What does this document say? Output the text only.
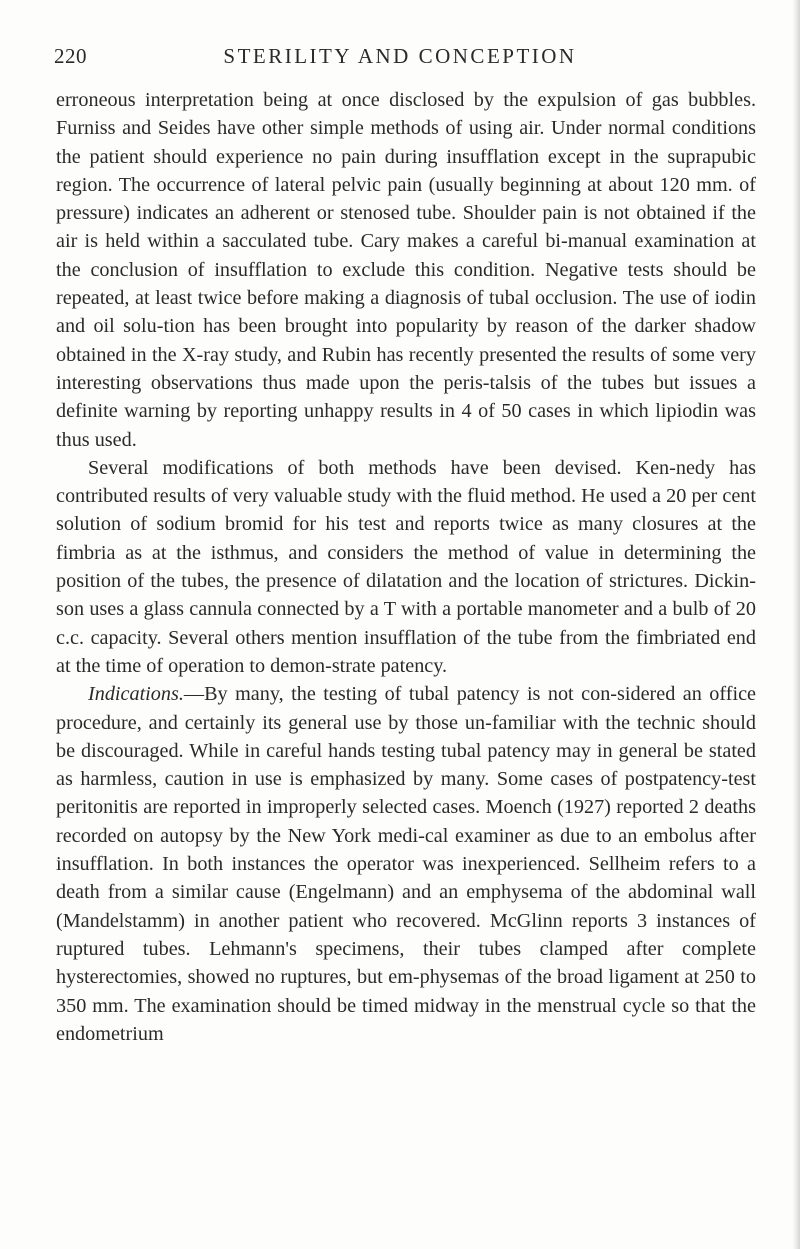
220	STERILITY AND CONCEPTION

erroneous interpretation being at once disclosed by the expulsion of gas bubbles. Furniss and Seides have other simple methods of using air. Under normal conditions the patient should experience no pain during insufflation except in the suprapubic region. The occurrence of lateral pelvic pain (usually beginning at about 120 mm. of pressure) indicates an adherent or stenosed tube. Shoulder pain is not obtained if the air is held within a sacculated tube. Cary makes a careful bi-manual examination at the conclusion of insufflation to exclude this condition. Negative tests should be repeated, at least twice before making a diagnosis of tubal occlusion. The use of iodin and oil solu-tion has been brought into popularity by reason of the darker shadow obtained in the X-ray study, and Rubin has recently presented the results of some very interesting observations thus made upon the peris-talsis of the tubes but issues a definite warning by reporting unhappy results in 4 of 50 cases in which lipiodin was thus used.

Several modifications of both methods have been devised. Ken-nedy has contributed results of very valuable study with the fluid method. He used a 20 per cent solution of sodium bromid for his test and reports twice as many closures at the fimbria as at the isthmus, and considers the method of value in determining the position of the tubes, the presence of dilatation and the location of strictures. Dickin-son uses a glass cannula connected by a T with a portable manometer and a bulb of 20 c.c. capacity. Several others mention insufflation of the tube from the fimbriated end at the time of operation to demon-strate patency.

Indications.—By many, the testing of tubal patency is not con-sidered an office procedure, and certainly its general use by those un-familiar with the technic should be discouraged. While in careful hands testing tubal patency may in general be stated as harmless, caution in use is emphasized by many. Some cases of postpatency-test peritonitis are reported in improperly selected cases. Moench (1927) reported 2 deaths recorded on autopsy by the New York medi-cal examiner as due to an embolus after insufflation. In both instances the operator was inexperienced. Sellheim refers to a death from a similar cause (Engelmann) and an emphysema of the abdominal wall (Mandelstamm) in another patient who recovered. McGlinn reports 3 instances of ruptured tubes. Lehmann's specimens, their tubes clamped after complete hysterectomies, showed no ruptures, but em-physemas of the broad ligament at 250 to 350 mm. The examination should be timed midway in the menstrual cycle so that the endometrium
